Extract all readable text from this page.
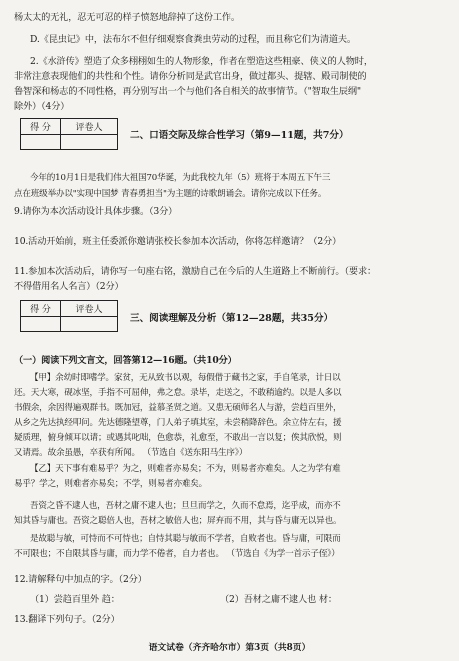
杨太太的无礼，忍无可忍的样子愤怒地辞掉了这份工作。
D.《昆虫记》中，法布尔不但仔细观察食粪虫劳动的过程，而且称它们为清道夫。
2.《水浒传》塑造了众多栩栩如生的人物形象，作者在塑造这些粗豪、侠义的人物时，
非常注意表现他们的共性和个性。请你分析同是武官出身，做过都头、提辖、殿司制使的
鲁智深和杨志的不同性格，再分别写出一个与他们各自相关的故事情节。（"智取生辰纲"
除外）（4分）
得 分	评卷人
二、口语交际及综合性学习（第9—11题，共7分）
今年的10月1日是我们伟大祖国70华诞，为此我校九年（5）班将于本周五下午三
点在班级举办以"实现中国梦 青春勇担当"为主题的诗歌朗诵会。请你完成以下任务。
9.请你为本次活动设计具体步骤。（3分）
10.活动开始前，班主任委派你邀请张校长参加本次活动，你将怎样邀请？（2分）
11.参加本次活动后，请你写一句座右铭，激励自己在今后的人生道路上不断前行。（要求：
不得借用名人名言）（2分）
得 分	评卷人
三、阅读理解及分析（第12—28题，共35分）
（一）阅读下列文言文，回答第12—16题。（共10分）
【甲】余幼时即嗜学。家贫，无从致书以观，每假借于藏书之家，手自笔录，计日以
还。天大寒，砚冰坚，手指不可屈伸，弗之怠。录毕，走送之，不敢稍逾约。以是人多以
书假余，余因得遍观群书。既加冠，益慕圣贤之道。又患无硕师名人与游，尝趋百里外，
从乡之先达执经叩问。先达德隆望尊，门人弟子填其室，未尝稍降辞色。余立侍左右，援
疑质理，俯身倾耳以请；或遇其叱咄，色愈恭，礼愈至，不敢出一言以复；俟其欣悦，则
又请焉。故余虽愚，卒获有所闻。 （节选自《送东阳马生序》）
【乙】天下事有难易乎？为之，则难者亦易矣；不为，则易者亦难矣。人之为学有难
易乎？学之，则难者亦易矣；不学，则易者亦难矣。
吾资之昏不逮人也，吾材之庸不逮人也；旦旦而学之，久而不怠焉，迄乎成，而亦不
知其昏与庸也。吾资之聪倍人也，吾材之敏倍人也；屏弃而不用，其与昏与庸无以异也。
是故聪与敏，可恃而不可恃也；自恃其聪与敏而不学者，自败者也。昏与庸，可限而
不可限也；不自限其昏与庸，而力学不倦者，自力者也。 （节选自《为学一首示子侄》）
12.请解释句中加点的字。（2分）
（1）尝趋百里外 趋：	（2）吾材之庸不逮人也 材：
13.翻译下列句子。（2分）
语文试卷（齐齐哈尔市）第3页（共8页）
